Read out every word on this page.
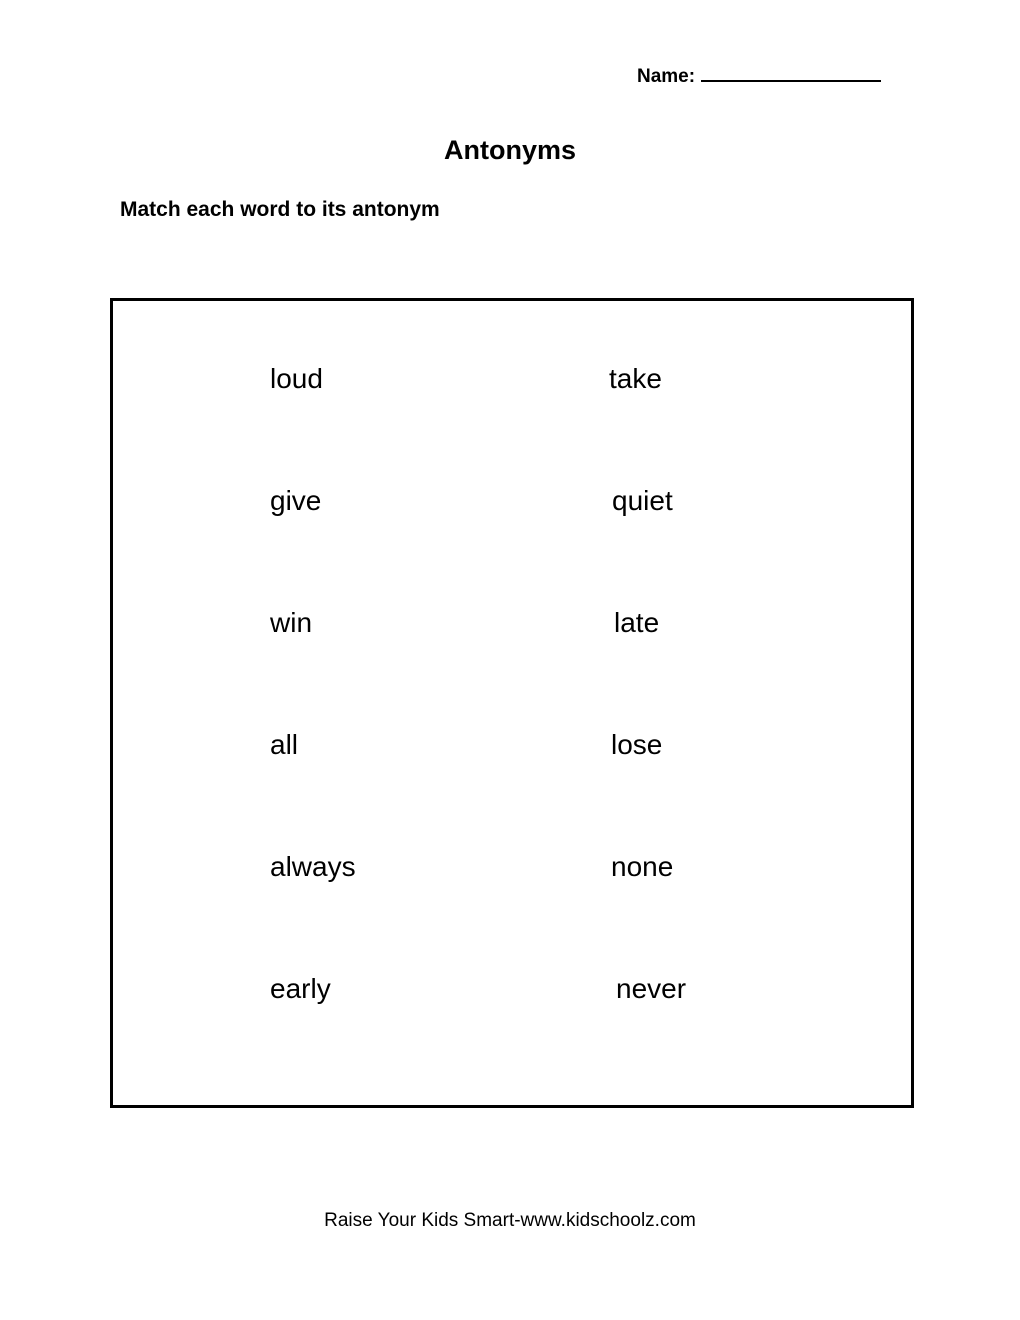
Name:
Antonyms
Match each word to its antonym
loud
give
win
all
always
early
take
quiet
late
lose
none
never
Raise Your Kids Smart-www.kidschoolz.com
